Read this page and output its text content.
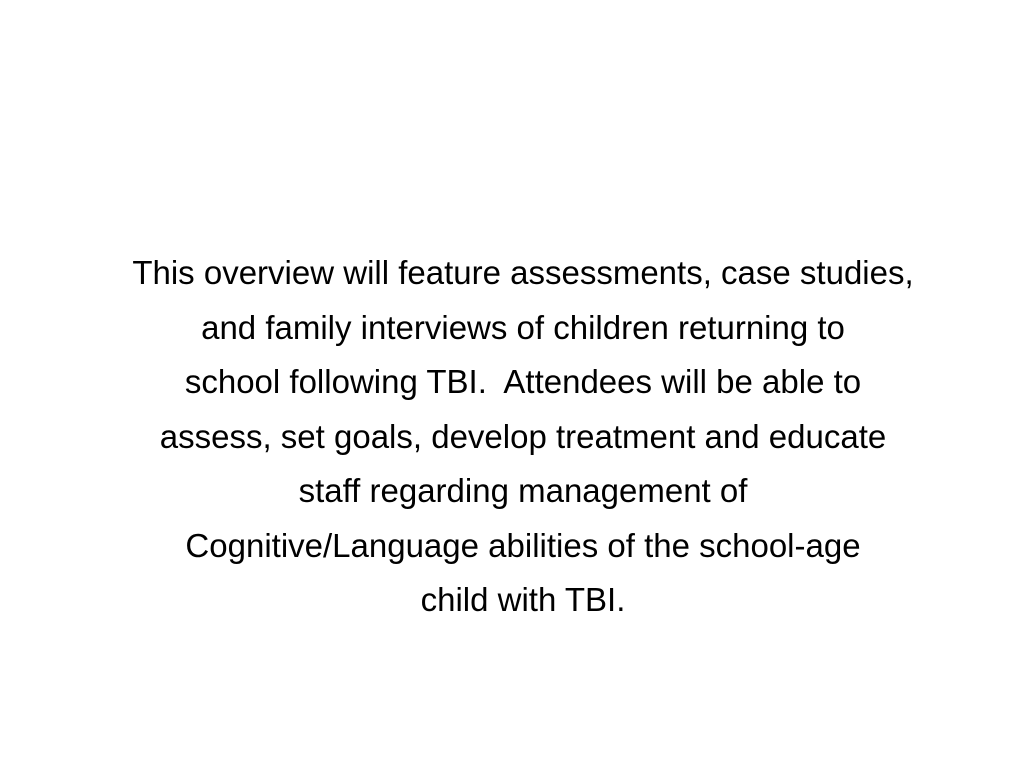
This overview will feature assessments, case studies,
and family interviews of children returning to
school following TBI.  Attendees will be able to
assess, set goals, develop treatment and educate
staff regarding management of
Cognitive/Language abilities of the school-age
child with TBI.
